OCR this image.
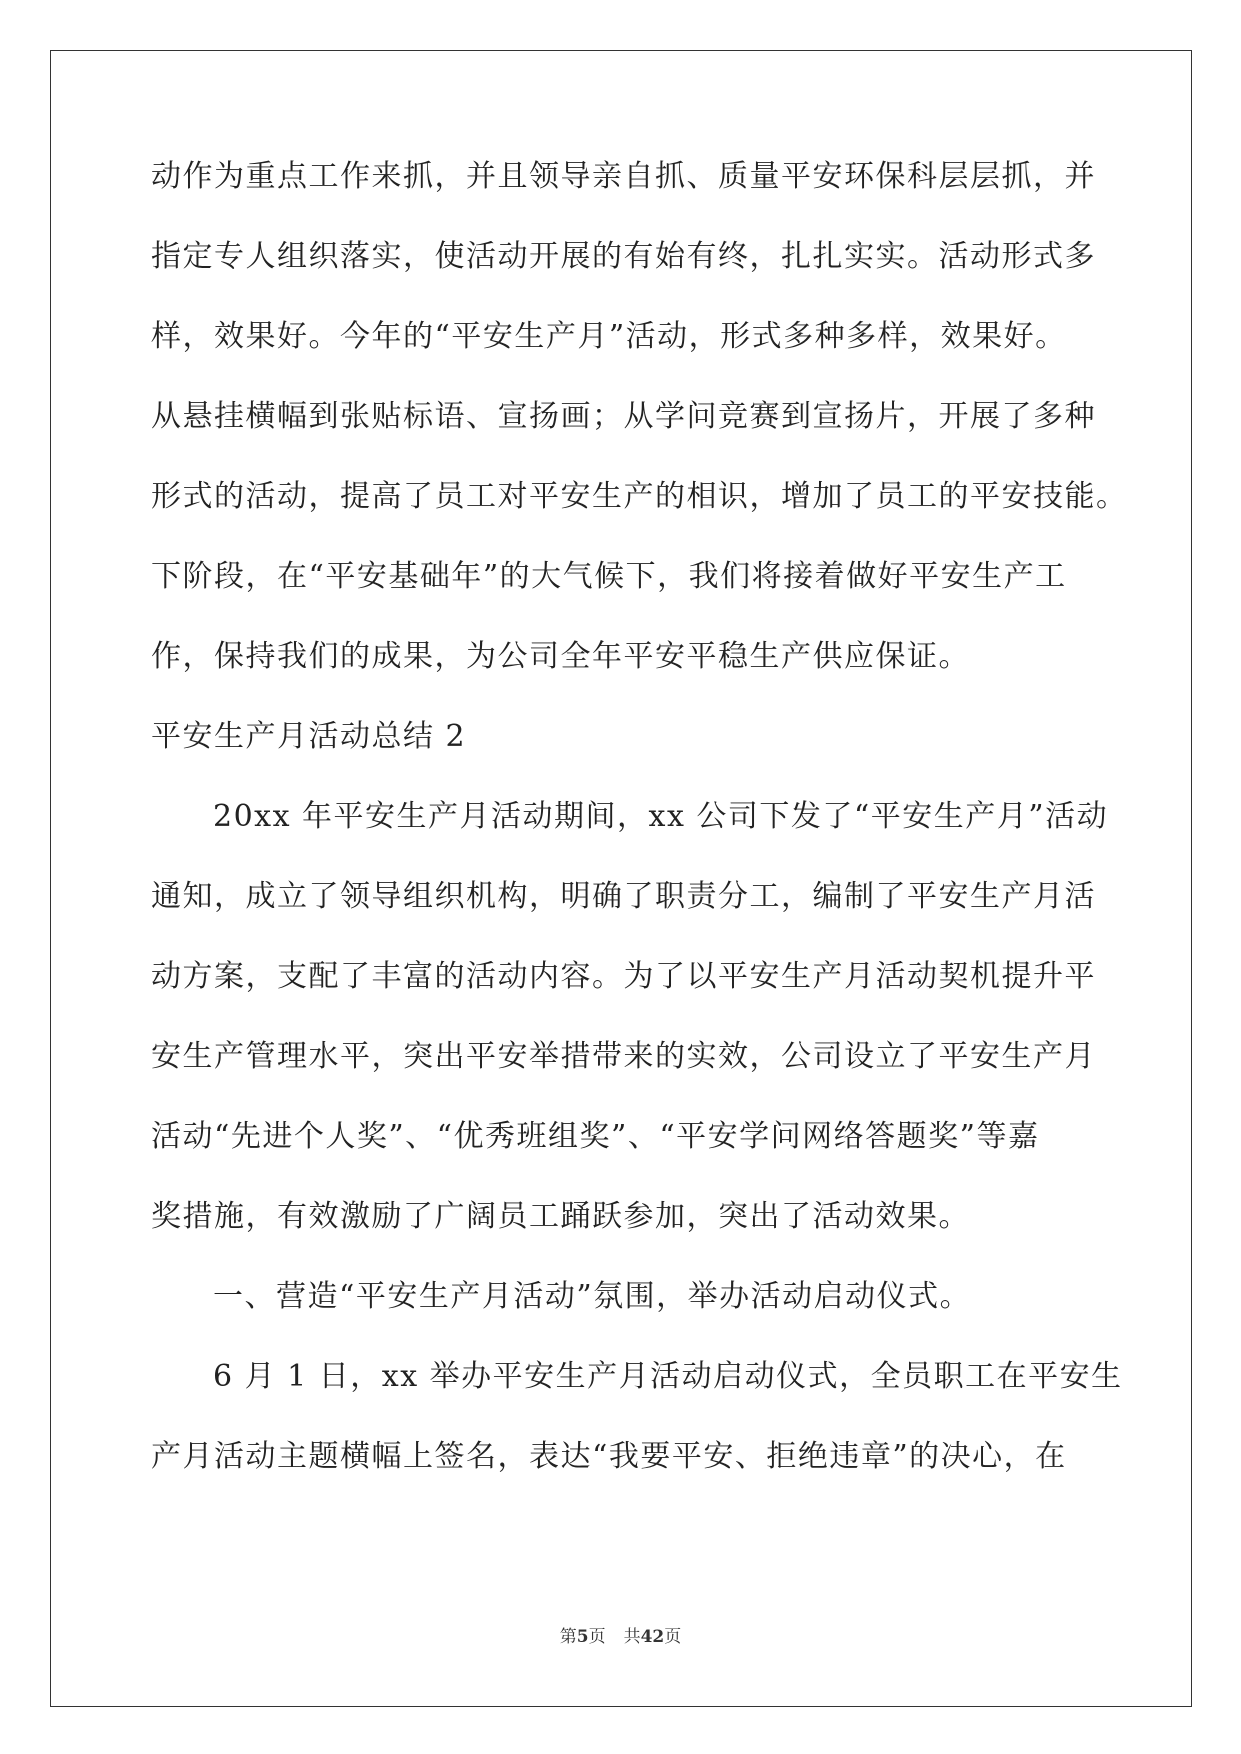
动作为重点工作来抓，并且领导亲自抓、质量平安环保科层层抓，并
指定专人组织落实，使活动开展的有始有终，扎扎实实。活动形式多
样，效果好。今年的“平安生产月”活动，形式多种多样，效果好。
从悬挂横幅到张贴标语、宣扬画；从学问竞赛到宣扬片，开展了多种
形式的活动，提高了员工对平安生产的相识，增加了员工的平安技能。
下阶段，在“平安基础年”的大气候下，我们将接着做好平安生产工
作，保持我们的成果，为公司全年平安平稳生产供应保证。
平安生产月活动总结 2
20xx 年平安生产月活动期间，xx 公司下发了“平安生产月”活动
通知，成立了领导组织机构，明确了职责分工，编制了平安生产月活
动方案，支配了丰富的活动内容。为了以平安生产月活动契机提升平
安生产管理水平，突出平安举措带来的实效，公司设立了平安生产月
活动“先进个人奖”、“优秀班组奖”、“平安学问网络答题奖”等嘉
奖措施，有效激励了广阔员工踊跃参加，突出了活动效果。
一、营造“平安生产月活动”氛围，举办活动启动仪式。
6 月 1 日，xx 举办平安生产月活动启动仪式，全员职工在平安生
产月活动主题横幅上签名，表达“我要平安、拒绝违章”的决心，在
第5页 共42页
